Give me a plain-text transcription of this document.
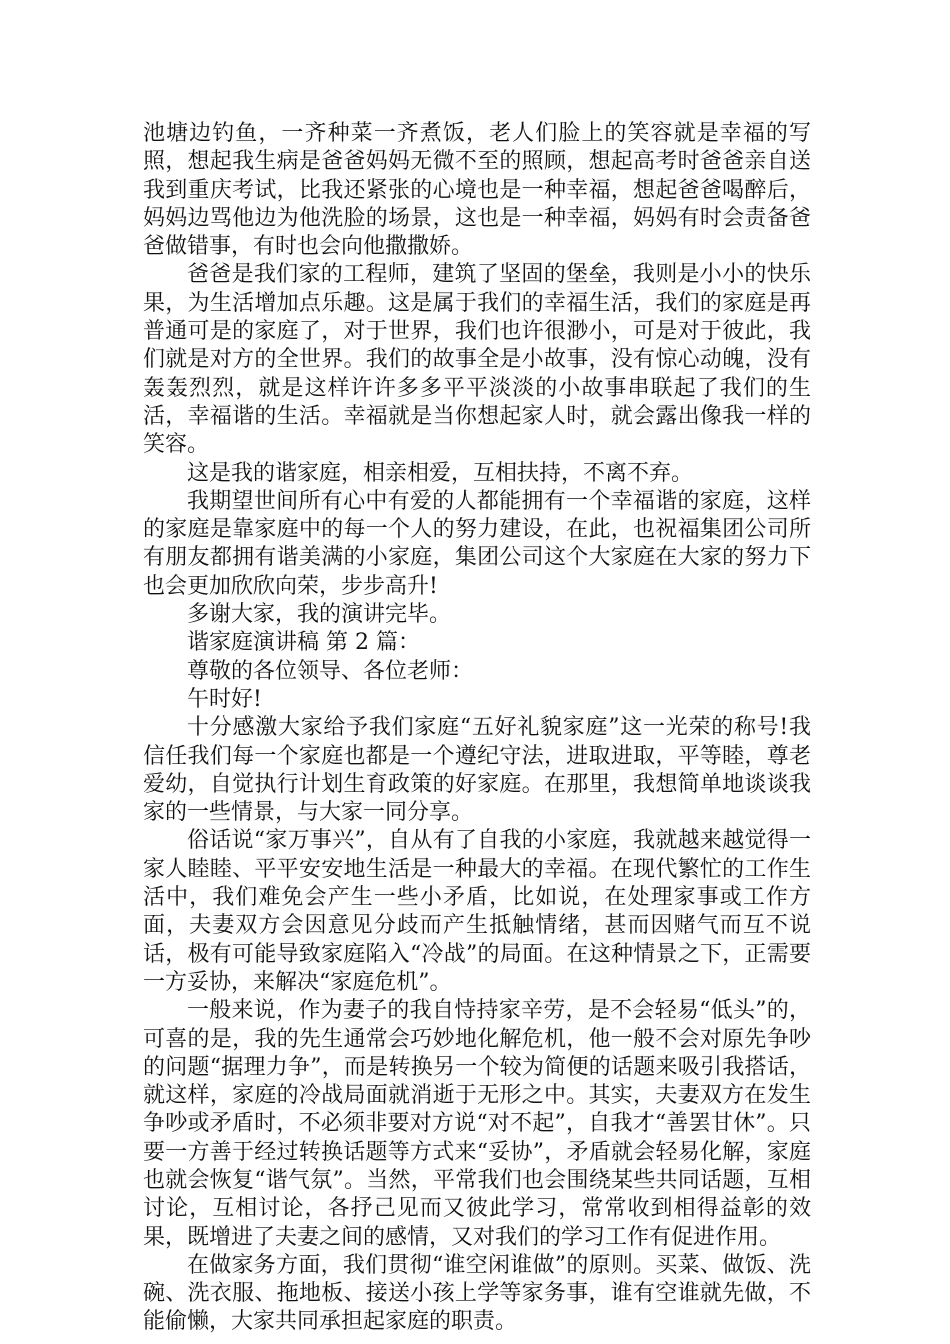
池塘边钓鱼，一齐种菜一齐煮饭，老人们脸上的笑容就是幸福的写照，想起我生病是爸爸妈妈无微不至的照顾，想起高考时爸爸亲自送我到重庆考试，比我还紧张的心境也是一种幸福，想起爸爸喝醉后，妈妈边骂他边为他洗脸的场景，这也是一种幸福，妈妈有时会责备爸爸做错事，有时也会向他撒撒娇。

爸爸是我们家的工程师，建筑了坚固的堡垒，我则是小小的快乐果，为生活增加点乐趣。这是属于我们的幸福生活，我们的家庭是再普通可是的家庭了，对于世界，我们也许很渺小，可是对于彼此，我们就是对方的全世界。我们的故事全是小故事，没有惊心动魄，没有轰轰烈烈，就是这样许许多多平平淡淡的小故事串联起了我们的生活，幸福谐的生活。幸福就是当你想起家人时，就会露出像我一样的笑容。

这是我的谐家庭，相亲相爱，互相扶持，不离不弃。

我期望世间所有心中有爱的人都能拥有一个幸福谐的家庭，这样的家庭是靠家庭中的每一个人的努力建设，在此，也祝福集团公司所有朋友都拥有谐美满的小家庭，集团公司这个大家庭在大家的努力下也会更加欣欣向荣，步步高升!

多谢大家，我的演讲完毕。

谐家庭演讲稿 第 2 篇：

尊敬的各位领导、各位老师：

午时好!

十分感激大家给予我们家庭“五好礼貌家庭”这一光荣的称号!我信任我们每一个家庭也都是一个遵纪守法，进取进取，平等睦，尊老爱幼，自觉执行计划生育政策的好家庭。在那里，我想简单地谈谈我家的一些情景，与大家一同分享。

俗话说“家万事兴”，自从有了自我的小家庭，我就越来越觉得一家人睦睦、平平安安地生活是一种最大的幸福。在现代繁忙的工作生活中，我们难免会产生一些小矛盾，比如说，在处理家事或工作方面，夫妻双方会因意见分歧而产生抵触情绪，甚而因赌气而互不说话，极有可能导致家庭陷入“冷战”的局面。在这种情景之下，正需要一方妥协，来解决“家庭危机”。

一般来说，作为妻子的我自恃持家辛劳，是不会轻易“低头”的，可喜的是，我的先生通常会巧妙地化解危机，他一般不会对原先争吵的问题“据理力争”，而是转换另一个较为简便的话题来吸引我搭话，就这样，家庭的冷战局面就消逝于无形之中。其实，夫妻双方在发生争吵或矛盾时，不必须非要对方说“对不起”，自我才“善罢甘休”。只要一方善于经过转换话题等方式来“妥协”，矛盾就会轻易化解，家庭也就会恢复“谐气氛”。当然，平常我们也会围绕某些共同话题，互相讨论，互相讨论，各抒己见而又彼此学习，常常收到相得益彰的效果，既增进了夫妻之间的感情，又对我们的学习工作有促进作用。

在做家务方面，我们贯彻“谁空闲谁做”的原则。买菜、做饭、洗碗、洗衣服、拖地板、接送小孩上学等家务事，谁有空谁就先做，不能偷懒，大家共同承担起家庭的职责。
